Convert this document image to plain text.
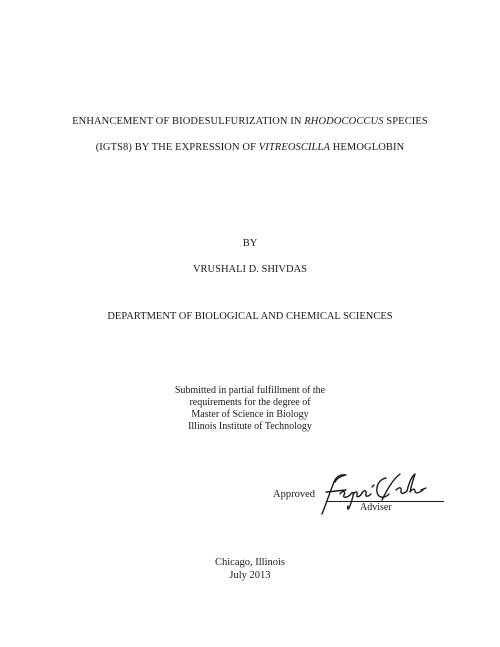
ENHANCEMENT OF BIODESULFURIZATION IN RHODOCOCCUS SPECIES
(IGTS8) BY THE EXPRESSION OF VITREOSCILLA HEMOGLOBIN
BY
VRUSHALI D. SHIVDAS
DEPARTMENT OF BIOLOGICAL AND CHEMICAL SCIENCES
Submitted in partial fulfillment of the
requirements for the degree of
Master of Science in Biology
Illinois Institute of Technology
Approved
Adviser
Chicago, Illinois
July 2013
